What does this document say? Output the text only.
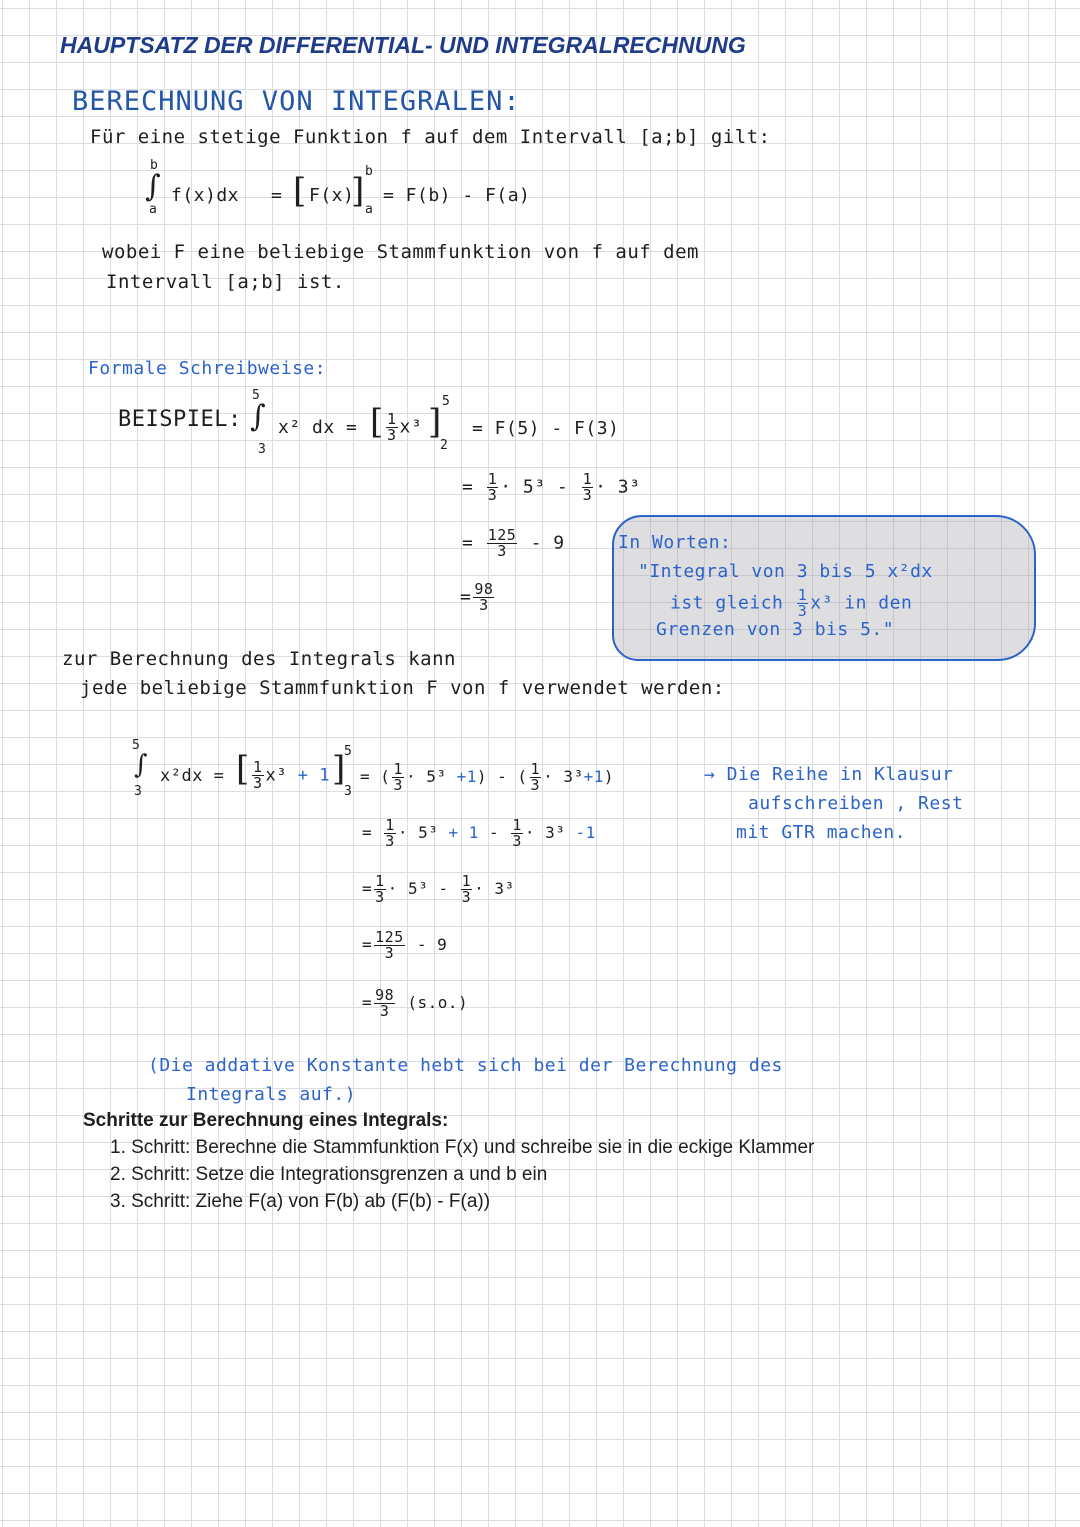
HAUPTSATZ DER DIFFERENTIAL- UND INTEGRALRECHNUNG
BERECHNUNG VON INTEGRALEN:
Für eine stetige Funktion f auf dem Intervall [a;b] gilt:
b
∫
a
f(x)dx = [ F(x)
] b
a
= F(b) - F(a)
wobei F eine beliebige Stammfunktion von f auf dem
Intervall [a;b] ist.
Formale Schreibweise:
BEISPIEL:
5
∫
3
x² dx = [ $\frac{1}{3} x^3$ ]
5
2
= F(5) - F(3)
= $\frac{1}{3} \cdot 5^3 - \frac{1}{3} \cdot 3^3$
= $\frac{125}{3} - 9$
= $\frac{98}{3}$
In Worten:
"Integral von 3 bis 5 x²dx
ist gleich $\frac{1}{3} x^3$ in den
Grenzen von 3 bis 5."
zur Berechnung des Integrals kann
jede beliebige Stammfunktion F von f verwendet werden:
5
∫
3
x²dx = [ $\frac{1}{3} x^3 + 1$ ]
5
3
= ( $\frac{1}{3} \cdot 5^3 +1$) - ( $\frac{1}{3} \cdot 3^3+1$)
= $\frac{1}{3} \cdot 5^3 + 1 - \frac{1}{3} \cdot 3^3$ -1
= $\frac{1}{3} \cdot 5^3 - \frac{1}{3} \cdot 3^3$
= $\frac{125}{3} - 9$
= $\frac{98}{3} (s.o.)$
→ Die Reihe in Klausur
aufschreiben , Rest
mit GTR machen.
(Die addative Konstante hebt sich bei der Berechnung des
Integrals auf.)
Schritte zur Berechnung eines Integrals:
1. Schritt: Berechne die Stammfunktion F(x) und schreibe sie in die eckige Klammer
2. Schritt: Setze die Integrationsgrenzen a und b ein
3. Schritt: Ziehe F(a) von F(b) ab (F(b) - F(a))
